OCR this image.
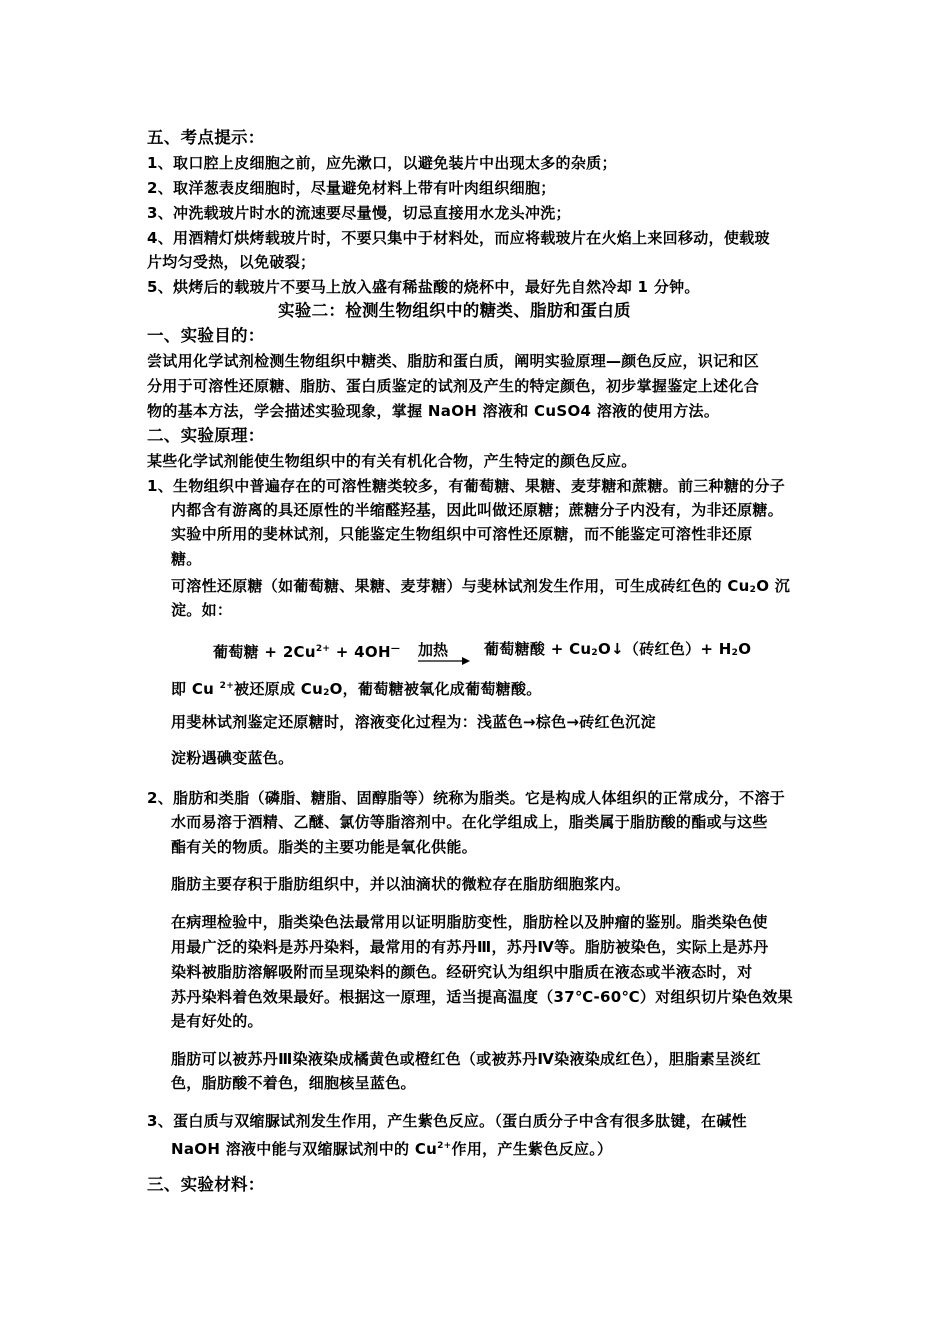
五、考点提示：
1、取口腔上皮细胞之前，应先漱口，以避免装片中出现太多的杂质；
2、取洋葱表皮细胞时，尽量避免材料上带有叶肉组织细胞；
3、冲洗载玻片时水的流速要尽量慢，切忌直接用水龙头冲洗；
4、用酒精灯烘烤载玻片时，不要只集中于材料处，而应将载玻片在火焰上来回移动，使载玻
片均匀受热，以免破裂；
5、烘烤后的载玻片不要马上放入盛有稀盐酸的烧杯中，最好先自然冷却 1 分钟。
实验二：检测生物组织中的糖类、脂肪和蛋白质
一、实验目的：
尝试用化学试剂检测生物组织中糖类、脂肪和蛋白质，阐明实验原理—颜色反应，识记和区
分用于可溶性还原糖、脂肪、蛋白质鉴定的试剂及产生的特定颜色，初步掌握鉴定上述化合
物的基本方法，学会描述实验现象，掌握 NaOH 溶液和 CuSO4 溶液的使用方法。
二、实验原理：
某些化学试剂能使生物组织中的有关有机化合物，产生特定的颜色反应。
1、生物组织中普遍存在的可溶性糖类较多，有葡萄糖、果糖、麦芽糖和蔗糖。前三种糖的分子
内都含有游离的具还原性的半缩醛羟基，因此叫做还原糖；蔗糖分子内没有，为非还原糖。
实验中所用的斐林试剂，只能鉴定生物组织中可溶性还原糖，而不能鉴定可溶性非还原
糖。
可溶性还原糖（如葡萄糖、果糖、麦芽糖）与斐林试剂发生作用，可生成砖红色的 Cu2O 沉
淀。如：
葡萄糖 + $2Cu^{2+} + 4OH^—$ 加热 葡萄糖酸 + Cu2O↓（砖红色）+ H2O
即 Cu $^{2+}$被还原成 Cu2O，葡萄糖被氧化成葡萄糖酸。
用斐林试剂鉴定还原糖时，溶液变化过程为：浅蓝色→棕色→砖红色沉淀
淀粉遇碘变蓝色。
2、脂肪和类脂（磷脂、糖脂、固醇脂等）统称为脂类。它是构成人体组织的正常成分，不溶于
水而易溶于酒精、乙醚、氯仿等脂溶剂中。在化学组成上，脂类属于脂肪酸的酯或与这些
酯有关的物质。脂类的主要功能是氧化供能。
脂肪主要存积于脂肪组织中，并以油滴状的微粒存在脂肪细胞浆内。
在病理检验中，脂类染色法最常用以证明脂肪变性，脂肪栓以及肿瘤的鉴别。脂类染色使
用最广泛的染料是苏丹染料，最常用的有苏丹Ⅲ，苏丹Ⅳ等。脂肪被染色，实际上是苏丹
染料被脂肪溶解吸附而呈现染料的颜色。经研究认为组织中脂质在液态或半液态时，对
苏丹染料着色效果最好。根据这一原理，适当提高温度（37℃-60℃）对组织切片染色效果
是有好处的。
脂肪可以被苏丹Ⅲ染液染成橘黄色或橙红色（或被苏丹Ⅳ染液染成红色），胆脂素呈淡红
色，脂肪酸不着色，细胞核呈蓝色。
3、蛋白质与双缩脲试剂发生作用，产生紫色反应。（蛋白质分子中含有很多肽键，在碱性
NaOH 溶液中能与双缩脲试剂中的 $Cu^{2+}$作用，产生紫色反应。）
三、实验材料：
